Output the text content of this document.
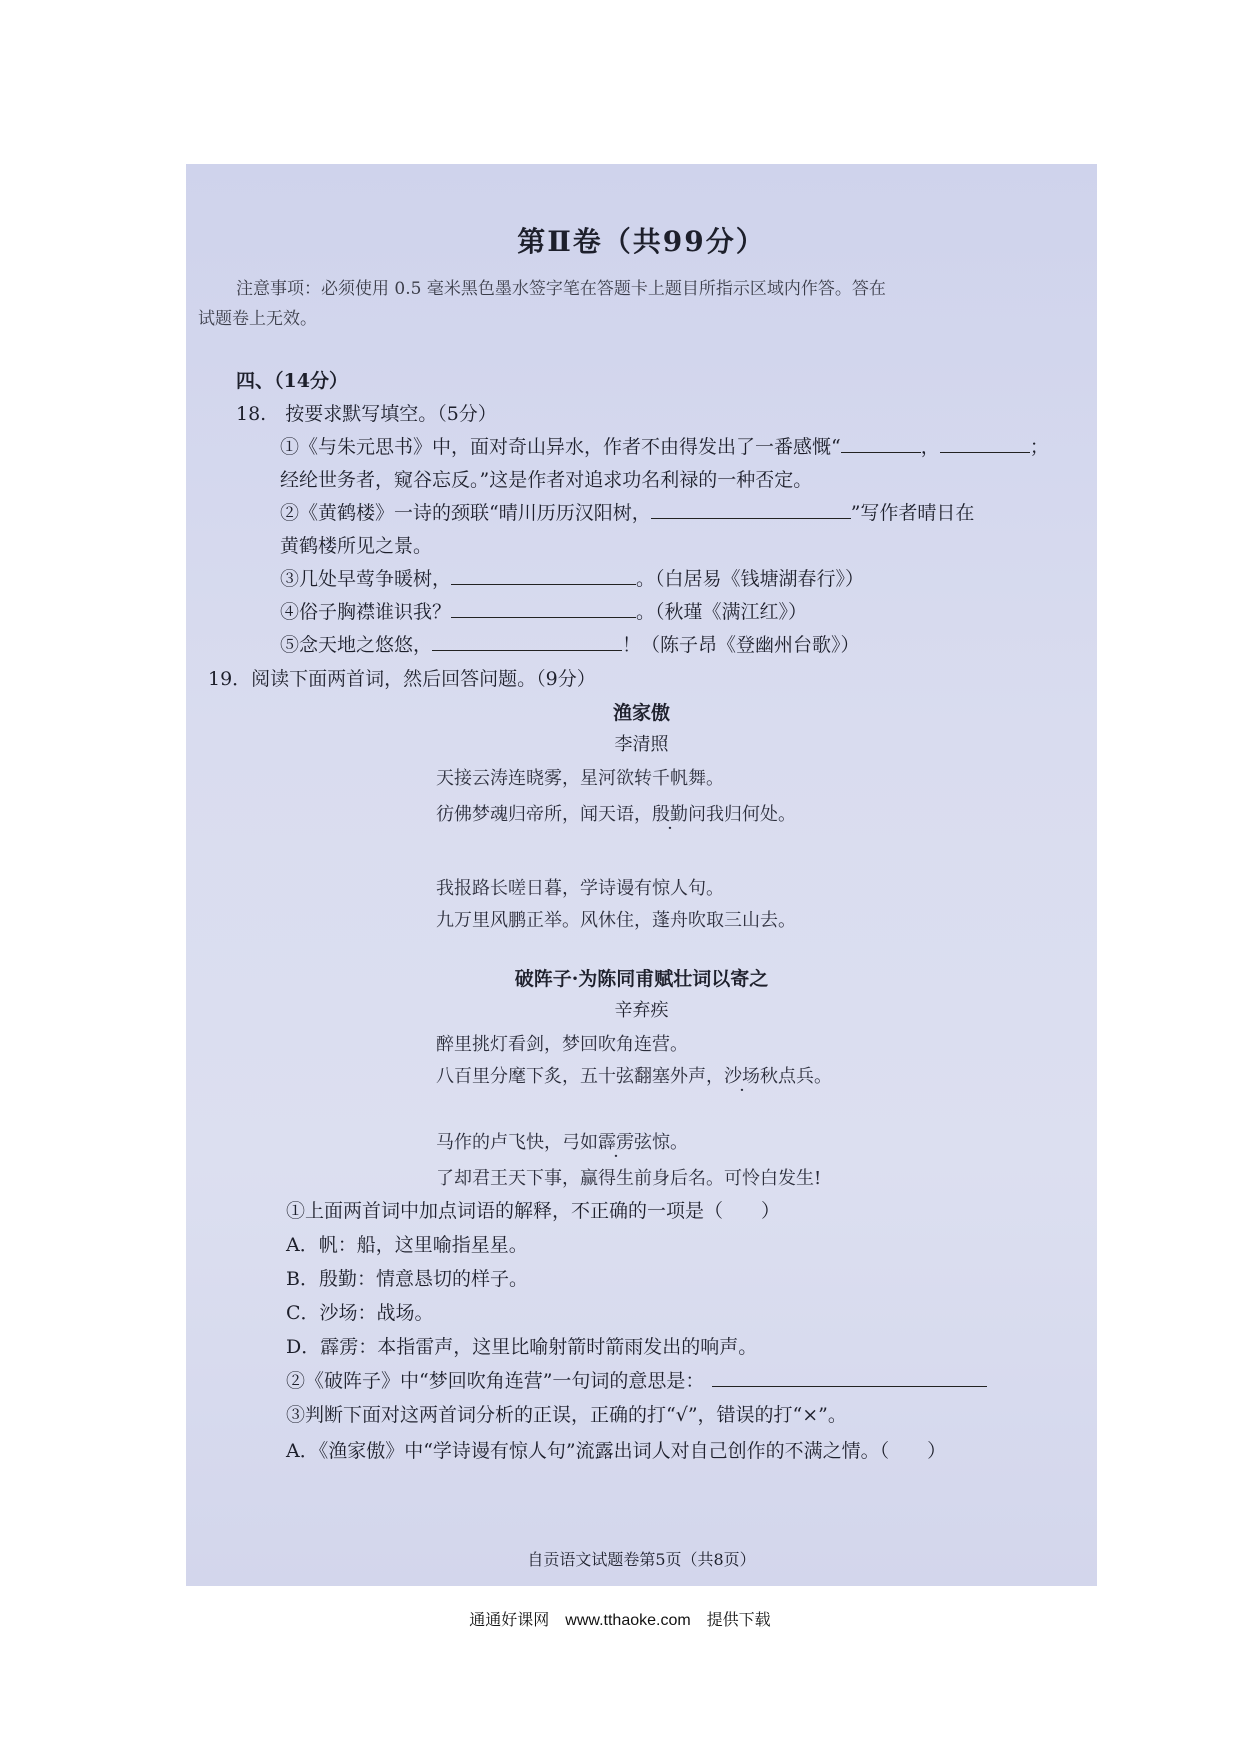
第Ⅱ卷（共99分）
注意事项：必须使用 0.5 毫米黑色墨水签字笔在答题卡上题目所指示区域内作答。答在
试题卷上无效。
四、（14分）
18.　按要求默写填空。（5分）
①《与朱元思书》中，面对奇山异水，作者不由得发出了一番感慨“	，	；
经纶世务者，窥谷忘反。”这是作者对追求功名利禄的一种否定。
②《黄鹤楼》一诗的颈联“晴川历历汉阳树，	”写作者晴日在
黄鹤楼所见之景。
③几处早莺争暖树，	。（白居易《钱塘湖春行》）
④俗子胸襟谁识我？	。（秋瑾《满江红》）
⑤念天地之悠悠，	！（陈子昂《登幽州台歌》）
19．阅读下面两首词，然后回答问题。（9分）
渔家傲
李清照
天接云涛连晓雾，星河欲转千帆舞。
彷佛梦魂归帝所，闻天语，殷勤问我归何处。
我报路长嗟日暮，学诗谩有惊人句。
九万里风鹏正举。风休住，蓬舟吹取三山去。
破阵子·为陈同甫赋壮词以寄之
辛弃疾
醉里挑灯看剑，梦回吹角连营。
八百里分麾下炙，五十弦翻塞外声，沙场秋点兵。
马作的卢飞快，弓如霹雳弦惊。
了却君王天下事，赢得生前身后名。可怜白发生!
①上面两首词中加点词语的解释，不正确的一项是（　　）
A．帆：船，这里喻指星星。
B．殷勤：情意恳切的样子。
C．沙场：战场。
D．霹雳：本指雷声，这里比喻射箭时箭雨发出的响声。
②《破阵子》中“梦回吹角连营”一句词的意思是：
③判断下面对这两首词分析的正误，正确的打“√”，错误的打“×”。
A．《渔家傲》中“学诗谩有惊人句”流露出词人对自己创作的不满之情。（　　）
自贡语文试题卷第5页（共8页）
通通好课网　www.tthaoke.com　提供下载
